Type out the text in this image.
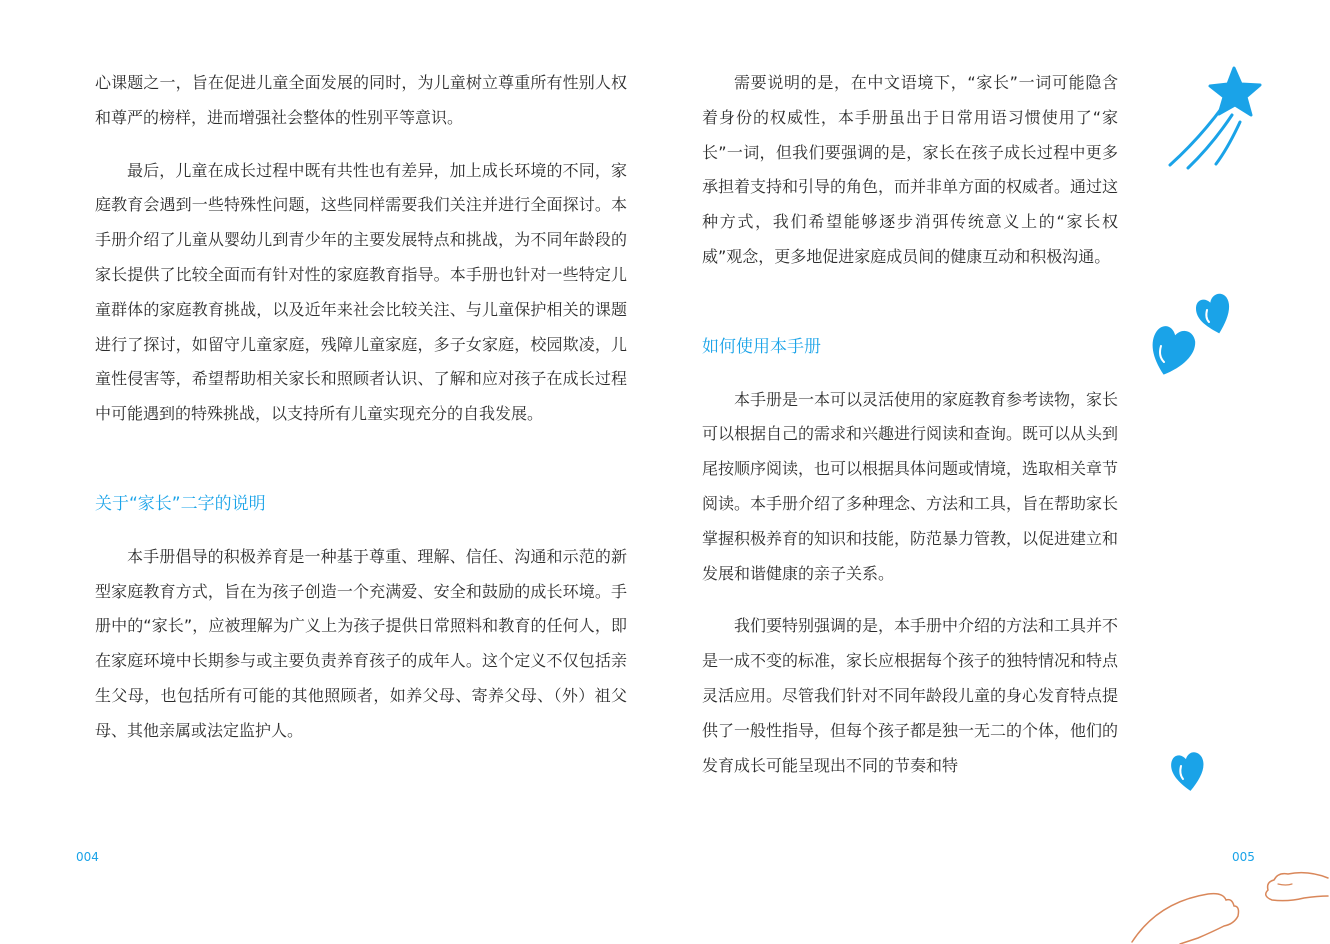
心课题之一，旨在促进儿童全面发展的同时，为儿童树立尊重所有性别人权和尊严的榜样，进而增强社会整体的性别平等意识。

最后，儿童在成长过程中既有共性也有差异，加上成长环境的不同，家庭教育会遇到一些特殊性问题，这些同样需要我们关注并进行全面探讨。本手册介绍了儿童从婴幼儿到青少年的主要发展特点和挑战，为不同年龄段的家长提供了比较全面而有针对性的家庭教育指导。本手册也针对一些特定儿童群体的家庭教育挑战，以及近年来社会比较关注、与儿童保护相关的课题进行了探讨，如留守儿童家庭，残障儿童家庭，多子女家庭，校园欺凌，儿童性侵害等，希望帮助相关家长和照顾者认识、了解和应对孩子在成长过程中可能遇到的特殊挑战，以支持所有儿童实现充分的自我发展。

关于“家长”二字的说明

本手册倡导的积极养育是一种基于尊重、理解、信任、沟通和示范的新型家庭教育方式，旨在为孩子创造一个充满爱、安全和鼓励的成长环境。手册中的“家长”，应被理解为广义上为孩子提供日常照料和教育的任何人，即在家庭环境中长期参与或主要负责养育孩子的成年人。这个定义不仅包括亲生父母，也包括所有可能的其他照顾者，如养父母、寄养父母、（外）祖父母、其他亲属或法定监护人。

需要说明的是，在中文语境下，“家长”一词可能隐含着身份的权威性，本手册虽出于日常用语习惯使用了“家长”一词，但我们要强调的是，家长在孩子成长过程中更多承担着支持和引导的角色，而并非单方面的权威者。通过这种方式，我们希望能够逐步消弭传统意义上的“家长权威”观念，更多地促进家庭成员间的健康互动和积极沟通。

如何使用本手册

本手册是一本可以灵活使用的家庭教育参考读物，家长可以根据自己的需求和兴趣进行阅读和查询。既可以从头到尾按顺序阅读，也可以根据具体问题或情境，选取相关章节阅读。本手册介绍了多种理念、方法和工具，旨在帮助家长掌握积极养育的知识和技能，防范暴力管教，以促进建立和发展和谐健康的亲子关系。

我们要特别强调的是，本手册中介绍的方法和工具并不是一成不变的标准，家长应根据每个孩子的独特情况和特点灵活应用。尽管我们针对不同年龄段儿童的身心发育特点提供了一般性指导，但每个孩子都是独一无二的个体，他们的发育成长可能呈现出不同的节奏和特

004	005
